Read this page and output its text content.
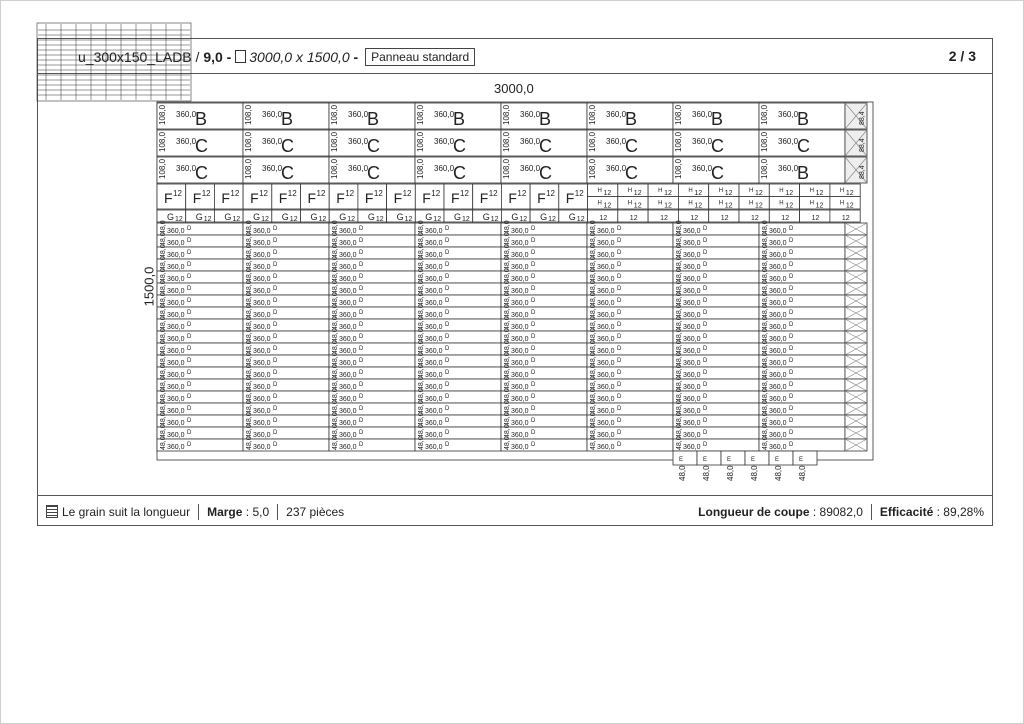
u_300x150_LADB / 9,0 - 3000,0 x 1500,0 - Panneau standard	2 / 3
Le grain suit la longueur Marge : 5,0 237 pièces	Longueur de coupe : 89082,0 Efficacité : 89,28%
3000,0
1500,0
108,0 360,0
B	108,0 360,0
B	108,0 360,0
B	108,0 360,0
B	108,0 360,0
B	108,0 360,0
B	108,0 360,0
B	108,0 360,0
B	88,4
108,0 360,0
C	108,0 360,0
C	108,0 360,0
C	108,0 360,0
C	108,0 360,0
C	108,0 360,0
C	108,0 360,0
C	108,0 360,0
C	88,4
108,0 360,0
C	108,0 360,0
C	108,0 360,0
C	108,0 360,0
C	108,0 360,0
C	108,0 360,0
C	108,0 360,0
C	108,0 360,0
B	88,4
F 12 F 12 F 12 F 12 F 12 F 12 F 12 F 12 F 12 F 12 F 12 F 12 F 12 F 12 F 12 H 12	H 12	H 12	H 12	H 12	H 12	H 12	H 12	H 12
H 12	H 12	H 12	H 12	H 12	H 12	H 12	H 12	H 12
G 12 G 12 G 12 G 12 G 12 G 12 G 12 G 12 G 12 G 12 G 12 G 12 G 12 G 12 G 12 12	12	12	12	12	12	12	12	12
48,0 360,0 D	48,0 360,0 D	48,0 360,0 D	48,0 360,0 D	48,0 360,0 D	48,0 360,0 D	48,0 360,0 D	48,0 360,0 D
48,0 360,0 D	48,0 360,0 D	48,0 360,0 D	48,0 360,0 D	48,0 360,0 D	48,0 360,0 D	48,0 360,0 D	48,0 360,0 D
48,0 360,0 D	48,0 360,0 D	48,0 360,0 D	48,0 360,0 D	48,0 360,0 D	48,0 360,0 D	48,0 360,0 D	48,0 360,0 D
48,0 360,0 D	48,0 360,0 D	48,0 360,0 D	48,0 360,0 D	48,0 360,0 D	48,0 360,0 D	48,0 360,0 D	48,0 360,0 D
48,0 360,0 D	48,0 360,0 D	48,0 360,0 D	48,0 360,0 D	48,0 360,0 D	48,0 360,0 D	48,0 360,0 D	48,0 360,0 D
48,0 360,0 D	48,0 360,0 D	48,0 360,0 D	48,0 360,0 D	48,0 360,0 D	48,0 360,0 D	48,0 360,0 D	48,0 360,0 D
48,0 360,0 D	48,0 360,0 D	48,0 360,0 D	48,0 360,0 D	48,0 360,0 D	48,0 360,0 D	48,0 360,0 D	48,0 360,0 D
48,0 360,0 D	48,0 360,0 D	48,0 360,0 D	48,0 360,0 D	48,0 360,0 D	48,0 360,0 D	48,0 360,0 D	48,0 360,0 D
48,0 360,0 D	48,0 360,0 D	48,0 360,0 D	48,0 360,0 D	48,0 360,0 D	48,0 360,0 D	48,0 360,0 D	48,0 360,0 D
48,0 360,0 D	48,0 360,0 D	48,0 360,0 D	48,0 360,0 D	48,0 360,0 D	48,0 360,0 D	48,0 360,0 D	48,0 360,0 D
48,0 360,0 D	48,0 360,0 D	48,0 360,0 D	48,0 360,0 D	48,0 360,0 D	48,0 360,0 D	48,0 360,0 D	48,0 360,0 D
48,0 360,0 D	48,0 360,0 D	48,0 360,0 D	48,0 360,0 D	48,0 360,0 D	48,0 360,0 D	48,0 360,0 D	48,0 360,0 D
48,0 360,0 D	48,0 360,0 D	48,0 360,0 D	48,0 360,0 D	48,0 360,0 D	48,0 360,0 D	48,0 360,0 D	48,0 360,0 D
48,0 360,0 D	48,0 360,0 D	48,0 360,0 D	48,0 360,0 D	48,0 360,0 D	48,0 360,0 D	48,0 360,0 D	48,0 360,0 D
48,0 360,0 D	48,0 360,0 D	48,0 360,0 D	48,0 360,0 D	48,0 360,0 D	48,0 360,0 D	48,0 360,0 D	48,0 360,0 D
48,0 360,0 D	48,0 360,0 D	48,0 360,0 D	48,0 360,0 D	48,0 360,0 D	48,0 360,0 D	48,0 360,0 D	48,0 360,0 D
48,0 360,0 D	48,0 360,0 D	48,0 360,0 D	48,0 360,0 D	48,0 360,0 D	48,0 360,0 D	48,0 360,0 D	48,0 360,0 D
48,0 360,0 D	48,0 360,0 D	48,0 360,0 D	48,0 360,0 D	48,0 360,0 D	48,0 360,0 D	48,0 360,0 D	48,0 360,0 D
48,0 360,0 D	48,0 360,0 D	48,0 360,0 D	48,0 360,0 D	48,0 360,0 D	48,0 360,0 D	48,0 360,0 D	48,0 360,0 D
48,0
E
48,0
E
48,0
E
48,0
E
48,0
E
48,0
E
